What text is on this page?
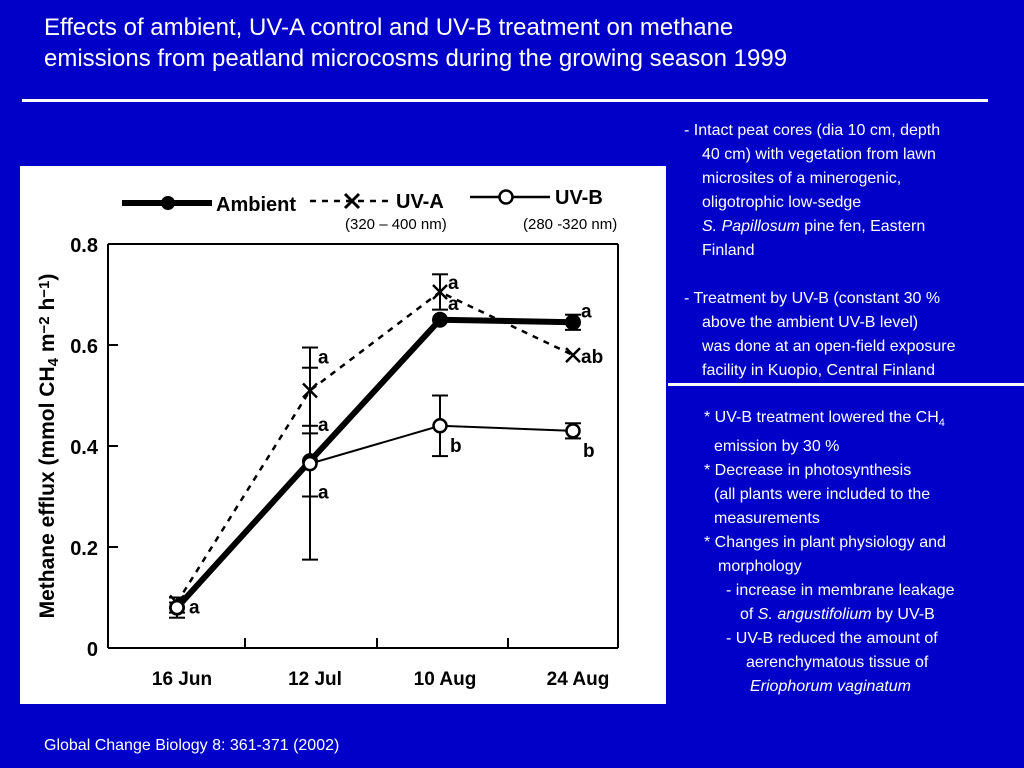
Effects of ambient, UV-A control and UV-B treatment on methane
emissions from peatland microcosms during the growing season 1999
0
0.2
0.4
0.6
0.8
16 Jun	12 Jul	10 Aug	24 Aug
Methane efflux (mmol CH4 m−2 h−1)
Ambient	UV-A	UV-B
(320 – 400 nm)	(280 -320 nm)
a
a	a
a
a
ab
a
a
b	b
- Intact peat cores (dia 10 cm, depth
40 cm) with vegetation from lawn
microsites of a minerogenic,
oligotrophic low-sedge
S. Papillosum pine fen, Eastern
Finland
- Treatment by UV-B (constant 30 %
above the ambient UV-B level)
was done at an open-field exposure
facility in Kuopio, Central Finland
* UV-B treatment lowered the $CH_4$
emission by 30 %
* Decrease in photosynthesis
(all plants were included to the
measurements
* Changes in plant physiology and
morphology
- increase in membrane leakage
of S. angustifolium by UV-B
- UV-B reduced the amount of
aerenchymatous tissue of
Eriophorum vaginatum
Global Change Biology 8: 361-371 (2002)
